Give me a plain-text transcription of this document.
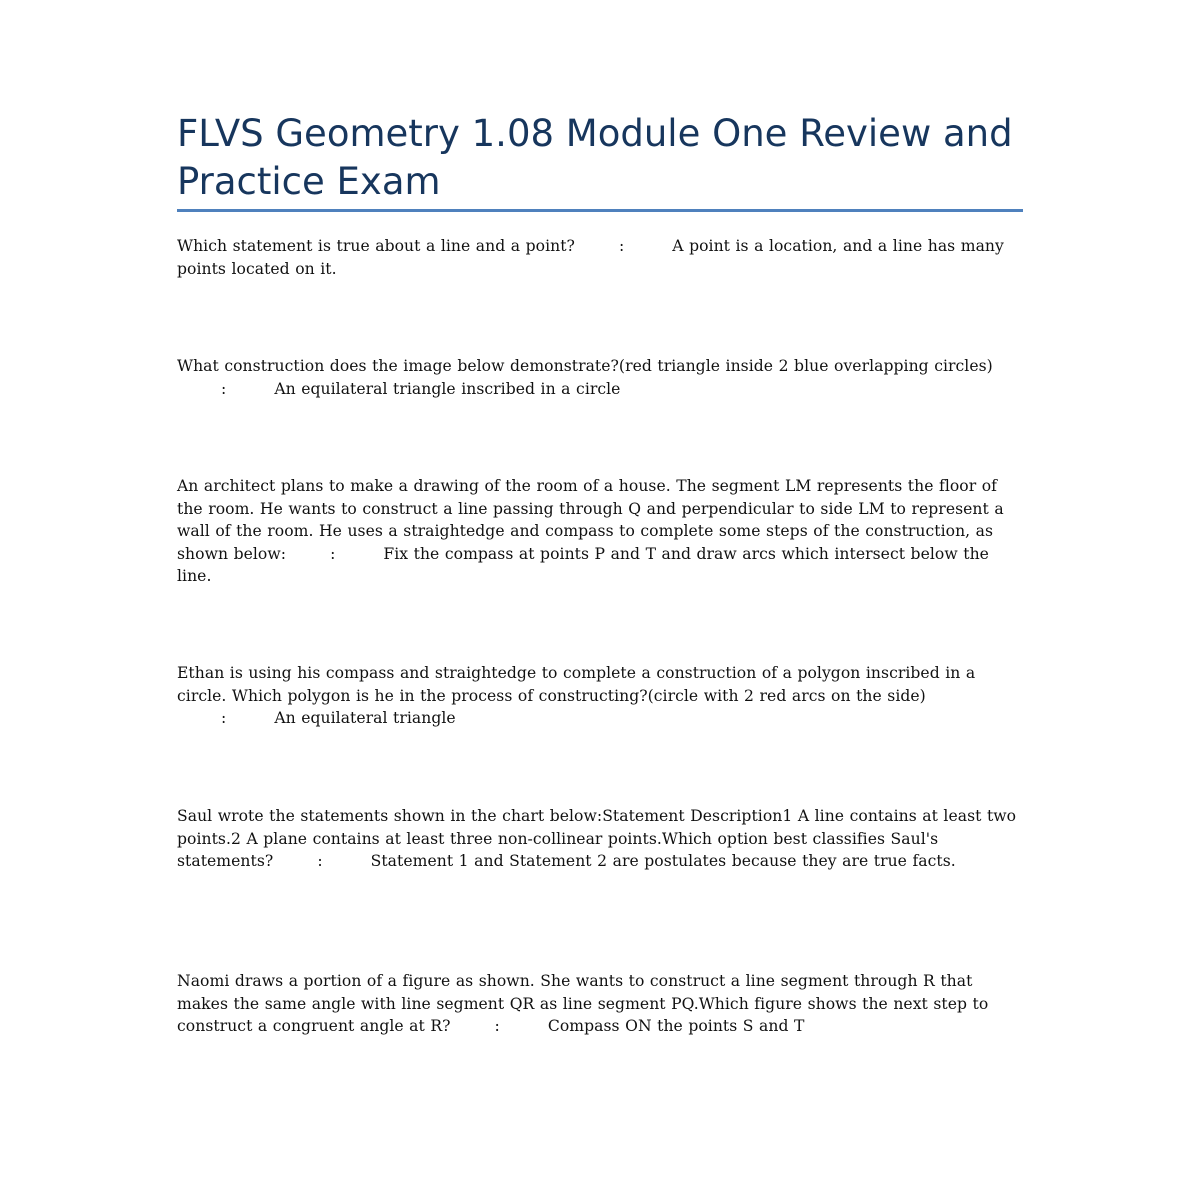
FLVS Geometry 1.08 Module One Review and Practice Exam

Which statement is true about a line and a point?	:	A point is a location, and a line has many points located on it.

What construction does the image below demonstrate?(red triangle inside 2 blue overlapping circles):	An equilateral triangle inscribed in a circle

An architect plans to make a drawing of the room of a house. The segment LM represents the floor of the room. He wants to construct a line passing through Q and perpendicular to side LM to represent a wall of the room. He uses a straightedge and compass to complete some steps of the construction, as shown below:	:	Fix the compass at points P and T and draw arcs which intersect below the line.

Ethan is using his compass and straightedge to complete a construction of a polygon inscribed in a circle. Which polygon is he in the process of constructing?(circle with 2 red arcs on the side):	An equilateral triangle

Saul wrote the statements shown in the chart below:Statement Description1 A line contains at least two points.2 A plane contains at least three non-collinear points.Which option best classifies Saul's statements?	:	Statement 1 and Statement 2 are postulates because they are true facts.

Naomi draws a portion of a figure as shown. She wants to construct a line segment through R that makes the same angle with line segment QR as line segment PQ.Which figure shows the next step to construct a congruent angle at R?	:	Compass ON the points S and T
